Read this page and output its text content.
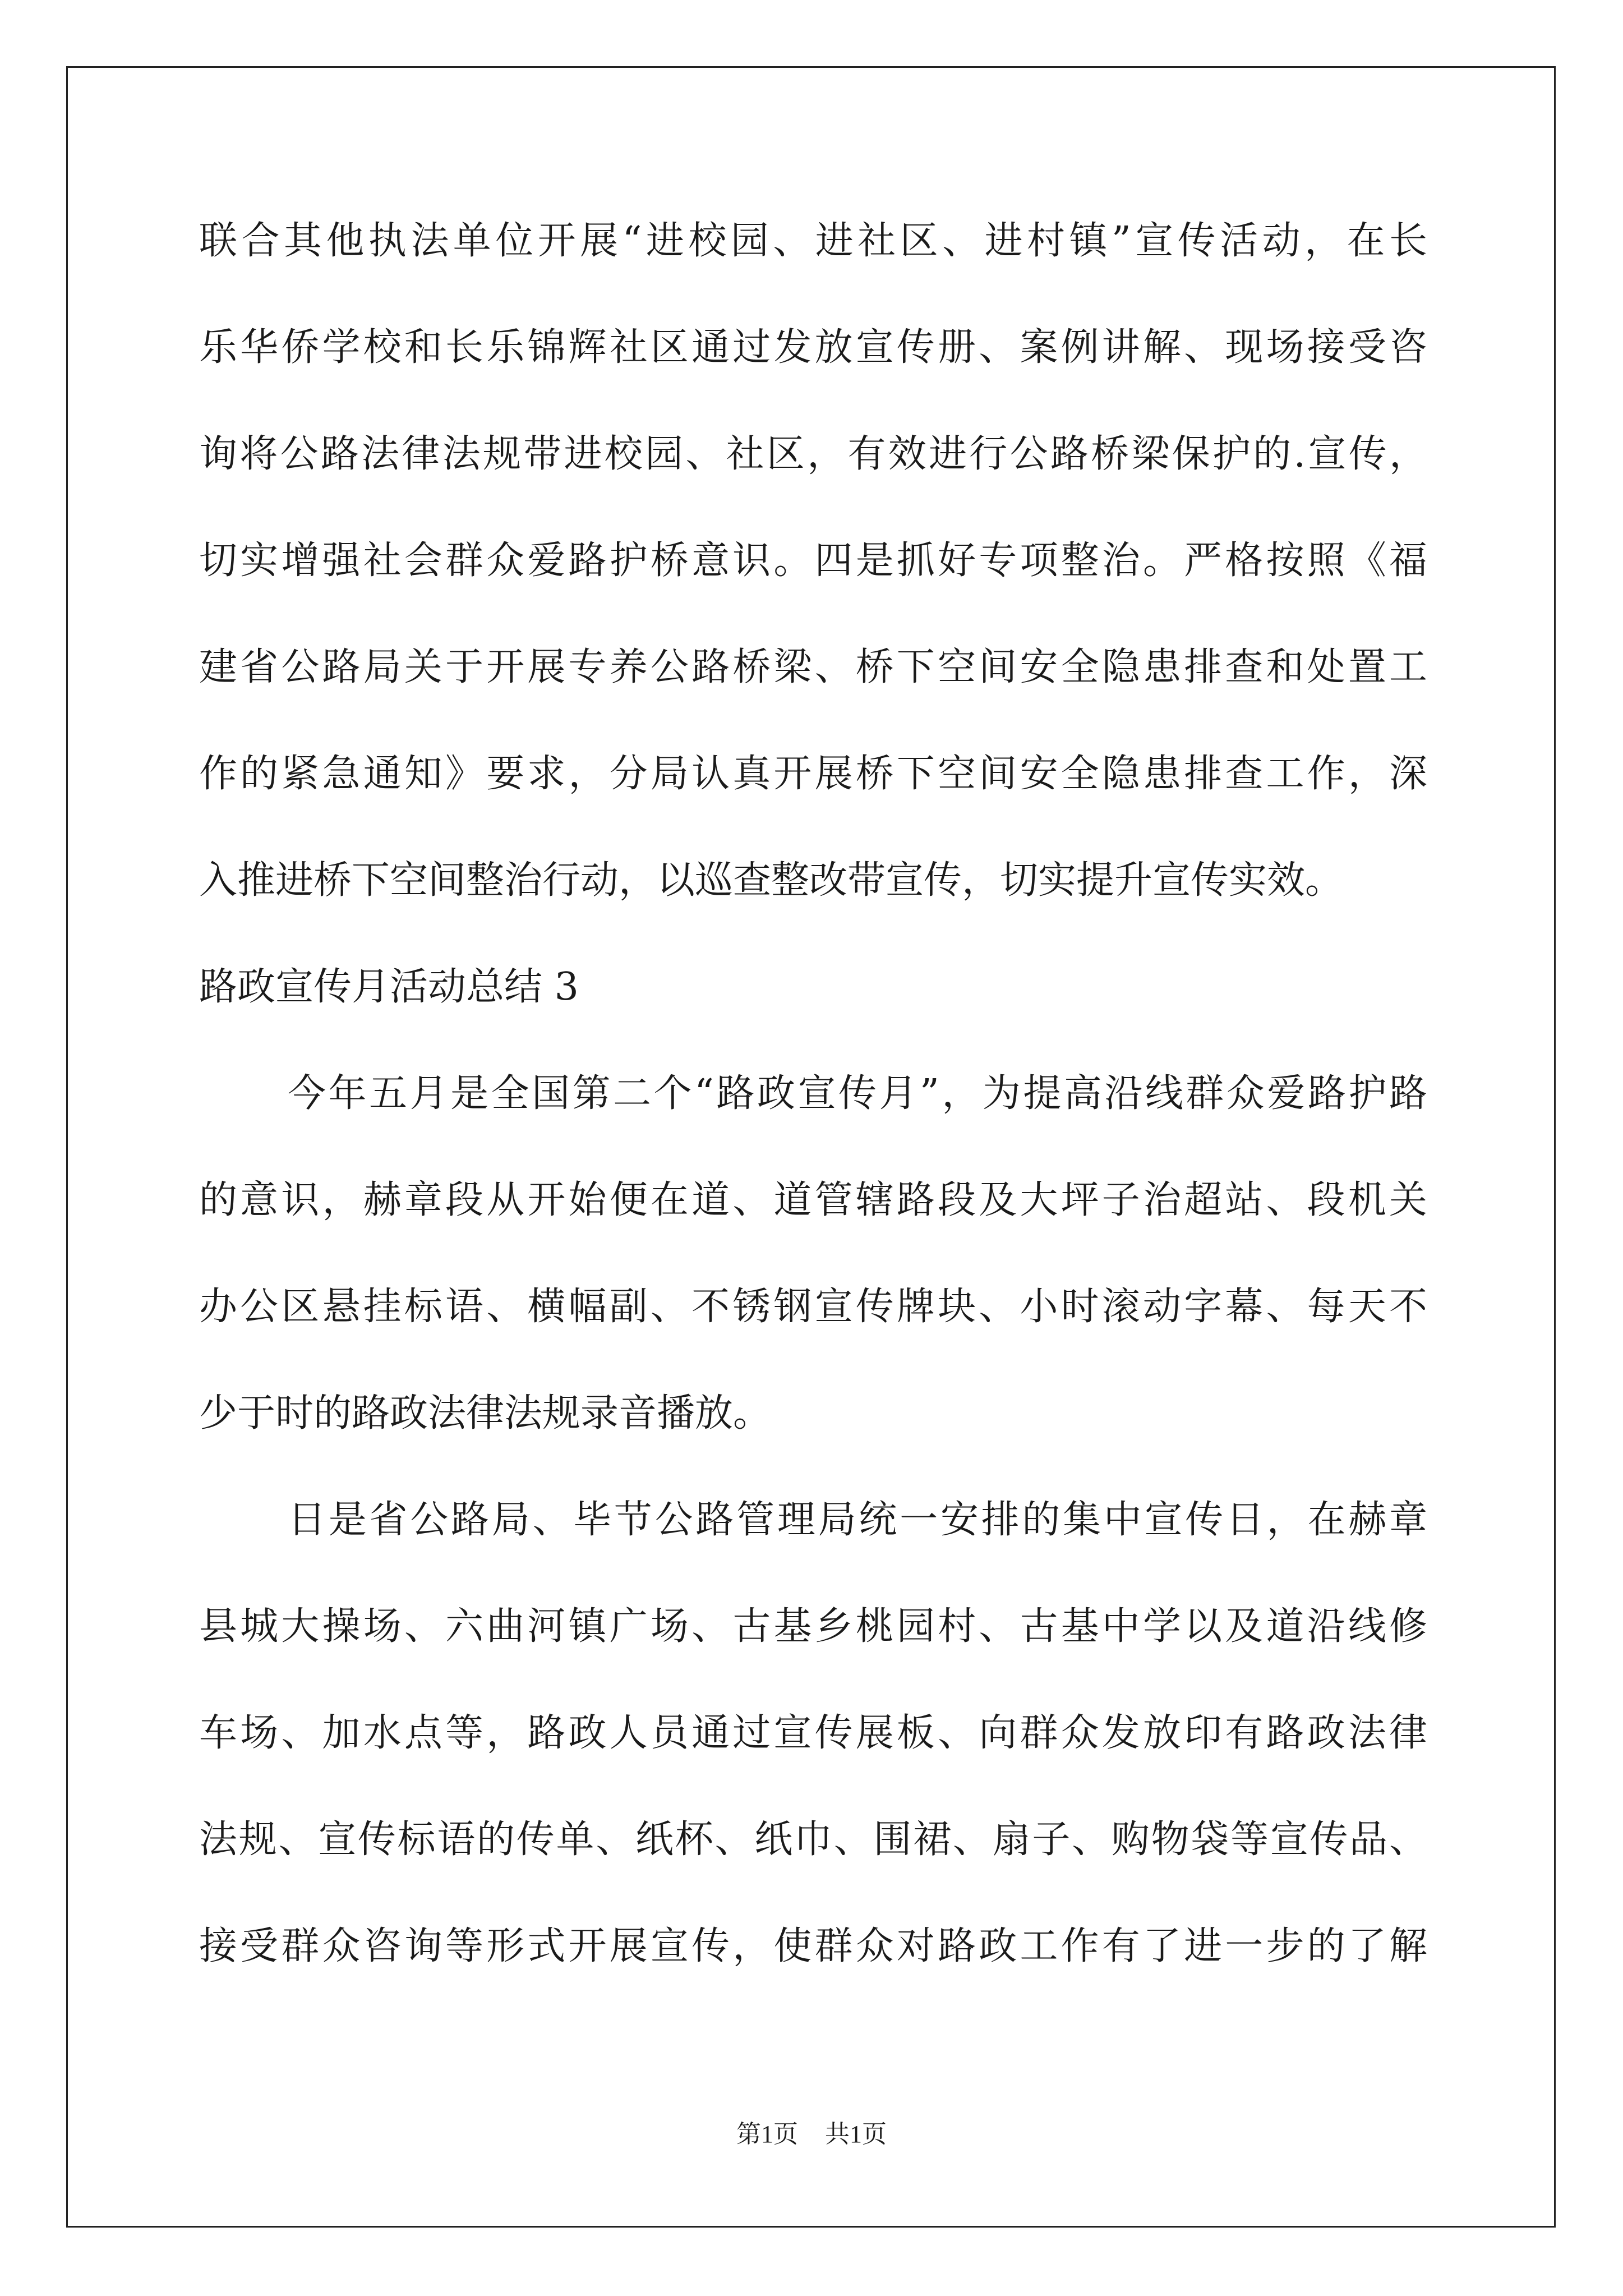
联合其他执法单位开展“进校园、进社区、进村镇”宣传活动，在长
乐华侨学校和长乐锦辉社区通过发放宣传册、案例讲解、现场接受咨
询将公路法律法规带进校园、社区，有效进行公路桥梁保护的.宣传，
切实增强社会群众爱路护桥意识。四是抓好专项整治。严格按照《福
建省公路局关于开展专养公路桥梁、桥下空间安全隐患排查和处置工
作的紧急通知》要求，分局认真开展桥下空间安全隐患排查工作，深
入推进桥下空间整治行动，以巡查整改带宣传，切实提升宣传实效。
路政宣传月活动总结 3
今年五月是全国第二个“路政宣传月”，为提高沿线群众爱路护路
的意识，赫章段从开始便在道、道管辖路段及大坪子治超站、段机关
办公区悬挂标语、横幅副、不锈钢宣传牌块、小时滚动字幕、每天不
少于时的路政法律法规录音播放。
日是省公路局、毕节公路管理局统一安排的集中宣传日，在赫章
县城大操场、六曲河镇广场、古基乡桃园村、古基中学以及道沿线修
车场、加水点等，路政人员通过宣传展板、向群众发放印有路政法律
法规、宣传标语的传单、纸杯、纸巾、围裙、扇子、购物袋等宣传品、
接受群众咨询等形式开展宣传，使群众对路政工作有了进一步的了解
第1页 共1页
